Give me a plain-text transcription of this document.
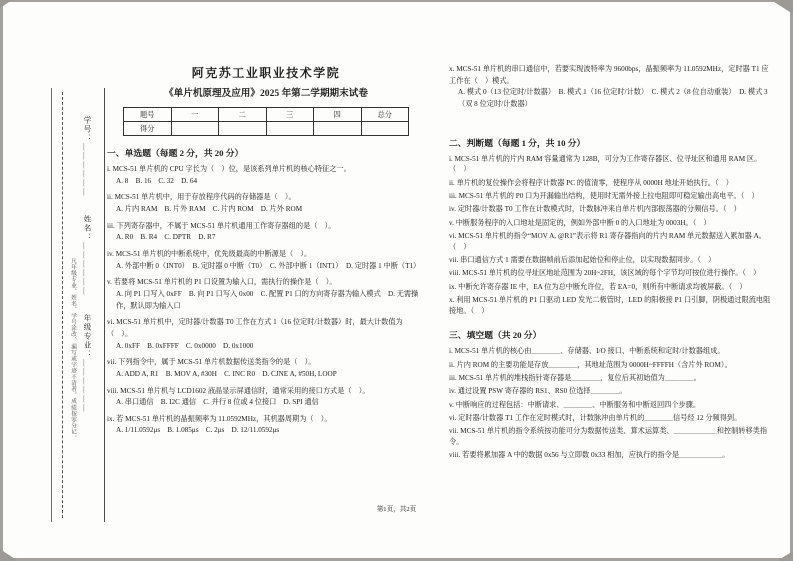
凡年级专业、姓名、学号涂改、漏写或字迹不清者，成绩按零分记。 学号：＿＿＿＿＿＿　　姓名：＿＿＿＿＿＿　　年级专业：＿＿＿＿＿＿
阿克苏工业职业技术学院
《单片机原理及应用》2025 年第二学期期末试卷
题号	一	二	三	四	总分
得分					
一、单选题（每题 2 分，共 20 分）
i. MCS-51 单片机的 CPU 字长为（　）位，是该系列单片机的核心特征之一。
A. 8　B. 16　C. 32　D. 64
ii. MCS-51 单片机中，用于存放程序代码的存储器是（　）。
A. 片内 RAM　B. 片外 RAM　C. 片内 ROM　D. 片外 ROM
iii. 下列寄存器中，不属于 MCS-51 单片机通用工作寄存器组的是（　）。
A. R0　B. R4　C. DPTR　D. R7
iv. MCS-51 单片机的中断系统中，优先级最高的中断源是（　）。
A. 外部中断 0（INT0）　B. 定时器 0 中断（T0）　C. 外部中断 1（INT1）　D. 定时器 1 中断（T1）
v. 若要将 MCS-51 单片机的 P1 口设置为输入口，需执行的操作是（　）。
A. 向 P1 口写入 0xFF　B. 向 P1 口写入 0x00　C. 配置 P1 口的方向寄存器为输入模式　D. 无需操作，默认即为输入口
vi. MCS-51 单片机中，定时器/计数器 T0 工作在方式 1（16 位定时/计数器）时，最大计数值为（　）。
A. 0xFF　B. 0xFFFF　C. 0x0000　D. 0x1000
vii. 下列指令中，属于 MCS-51 单片机数据传送类指令的是（　）。
A. ADD A, R1　B. MOV A, #30H　C. INC R0　D. CJNE A, #50H, LOOP
viii. MCS-51 单片机与 LCD1602 液晶显示屏通信时，通常采用的接口方式是（　）。
A. 串口通信　B. I2C 通信　C. 并行 8 位或 4 位接口　D. SPI 通信
ix. 若 MCS-51 单片机的晶振频率为 11.0592MHz，其机器周期为（　）。
A. 1/11.0592μs　B. 1.085μs　C. 2μs　D. 12/11.0592μs
x. MCS-51 单片机的串口通信中，若要实现波特率为 9600bps，晶振频率为 11.0592MHz，定时器 T1 应工作在（　）模式。
A. 模式 0（13 位定时/计数器）　B. 模式 1（16 位定时/计数）　C. 模式 2（8 位自动重装）　D. 模式 3（双 8 位定时/计数器）
二、判断题（每题 1 分，共 10 分）
i. MCS-51 单片机的片内 RAM 容量通常为 128B，可分为工作寄存器区、位寻址区和通用 RAM 区。（　）
ii. 单片机的复位操作会将程序计数器 PC 的值清零，使程序从 0000H 地址开始执行。（　）
iii. MCS-51 单片机的 P0 口为开漏输出结构，使用时无需外接上拉电阻即可稳定输出高电平。（　）
iv. 定时器/计数器 T0 工作在计数模式时，计数脉冲来自单片机内部振荡器的分频信号。（　）
v. 中断服务程序的入口地址是固定的，例如外部中断 0 的入口地址为 0003H。（　）
vi. MCS-51 单片机的指令“MOV A, @R1”表示将 R1 寄存器指向的片内 RAM 单元数据送入累加器 A。（　）
vii. 串口通信方式 1 需要在数据帧前后添加起始位和停止位，以实现数据同步。（　）
viii. MCS-51 单片机的位寻址区地址范围为 20H~2FH，该区域的每个字节均可按位进行操作。（　）
ix. 中断允许寄存器 IE 中，EA 位为总中断允许位，若 EA=0，则所有中断请求均被屏蔽。（　）
x. 利用 MCS-51 单片机的 P1 口驱动 LED 发光二极管时，LED 的阳极接 P1 口引脚，阴极通过限流电阻接地。（　）
三、填空题（共 20 分）
i. MCS-51 单片机的核心由＿＿＿＿、存储器、I/O 接口、中断系统和定时/计数器组成。
ii. 片内 ROM 的主要功能是存放＿＿＿＿，其地址范围为 0000H~FFFFH（含片外 ROM）。
iii. MCS-51 单片机的堆栈指针寄存器是＿＿＿＿，复位后其初始值为＿＿＿＿。
iv. 通过设置 PSW 寄存器的 RS1、RS0 位选择＿＿＿＿。
v. 中断响应的过程包括：中断请求、＿＿＿＿、中断服务和中断返回四个步骤。
vi. 定时器/计数器 T1 工作在定时模式时，计数脉冲由单片机的＿＿＿＿信号经 12 分频得到。
vii. MCS-51 单片机的指令系统按功能可分为数据传送类、算术运算类、＿＿＿＿＿＿和控制转移类指令。
viii. 若要将累加器 A 中的数据 0x56 与立即数 0x33 相加，应执行的指令是＿＿＿＿＿＿。
第1页，共2页
